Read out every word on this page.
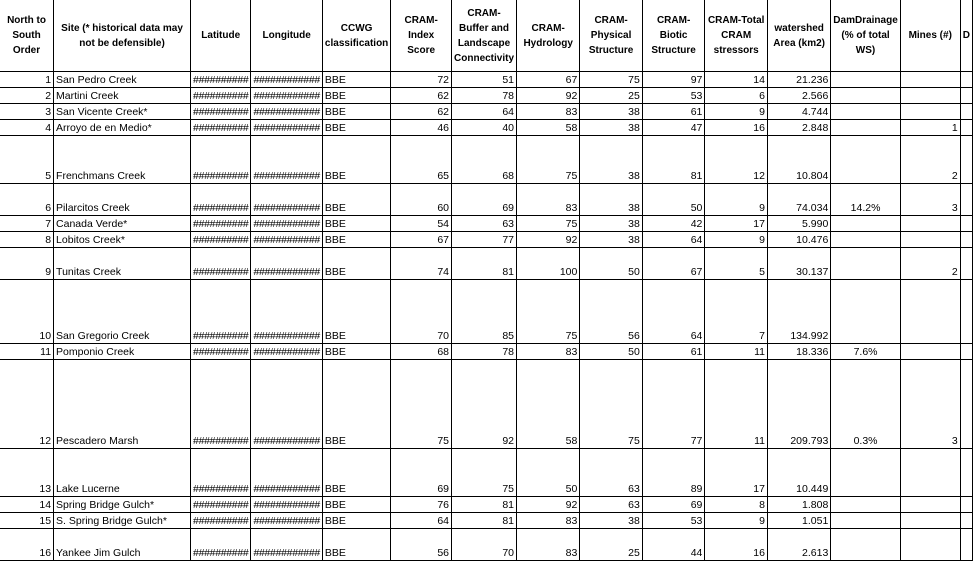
North to South Order	Site (* historical data may not be defensible)	Latitude	Longitude	CCWG classification	CRAM-Index Score	CRAM-Buffer and Landscape Connectivity	CRAM-Hydrology	CRAM-Physical Structure	CRAM-Biotic Structure	CRAM-Total CRAM stressors	watershed Area (km2)	DamDrainage (% of total WS)	Mines (#)	D
1	San Pedro Creek	##########	############	BBE	72	51	67	75	97	14	21.236			
2	Martini Creek	##########	############	BBE	62	78	92	25	53	6	2.566			
3	San Vicente Creek*	##########	############	BBE	62	64	83	38	61	9	4.744			
4	Arroyo de en Medio*	##########	############	BBE	46	40	58	38	47	16	2.848		1	
5	Frenchmans Creek	##########	############	BBE	65	68	75	38	81	12	10.804		2	
6	Pilarcitos Creek	##########	############	BBE	60	69	83	38	50	9	74.034	14.2%	3	
7	Canada Verde*	##########	############	BBE	54	63	75	38	42	17	5.990			
8	Lobitos Creek*	##########	############	BBE	67	77	92	38	64	9	10.476			
9	Tunitas Creek	##########	############	BBE	74	81	100	50	67	5	30.137		2	
10	San Gregorio Creek	##########	############	BBE	70	85	75	56	64	7	134.992			
11	Pomponio Creek	##########	############	BBE	68	78	83	50	61	11	18.336	7.6%		
12	Pescadero Marsh	##########	############	BBE	75	92	58	75	77	11	209.793	0.3%	3	
13	Lake Lucerne	##########	############	BBE	69	75	50	63	89	17	10.449			
14	Spring Bridge Gulch*	##########	############	BBE	76	81	92	63	69	8	1.808			
15	S. Spring Bridge Gulch*	##########	############	BBE	64	81	83	38	53	9	1.051			
16	Yankee Jim Gulch	##########	############	BBE	56	70	83	25	44	16	2.613			
